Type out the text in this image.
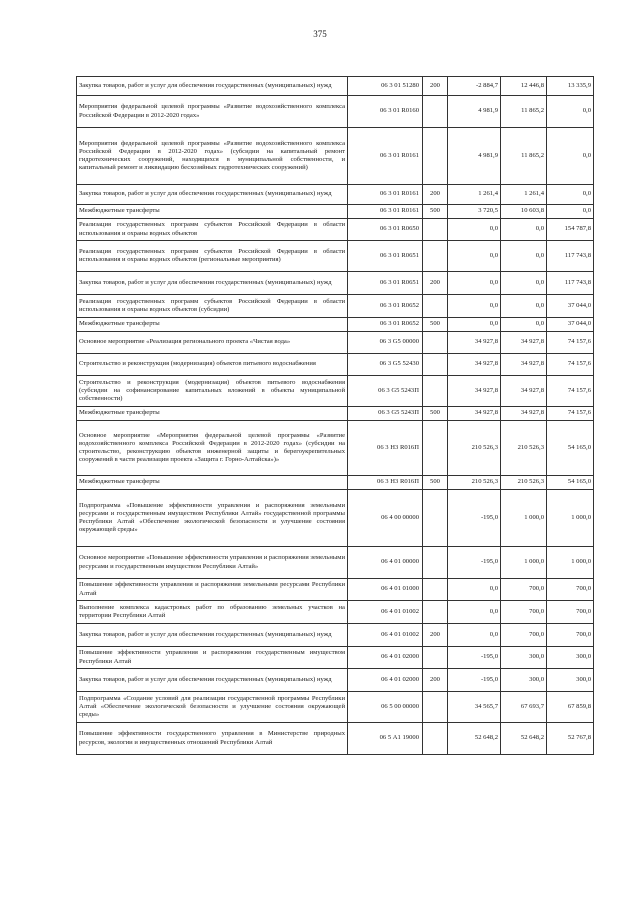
375
Закупка товаров, работ и услуг для обеспечения государственных (муниципальных) нужд	06 3 01 51280	200	-2 884,7	12 446,8	13 335,9
Мероприятия федеральной целевой программы «Развитие водохозяйственного комплекса Российской Федерации в 2012-2020 годах»	06 3 01 R0160		4 981,9	11 865,2	0,0
Мероприятия федеральной целевой программы «Развитие водохозяйственного комплекса Российской Федерации в 2012-2020 годах» (субсидии на капитальный ремонт гидротехнических сооружений, находящихся в муниципальной собственности, и капитальный ремонт и ликвидацию бесхозяйных гидротехнических сооружений)	06 3 01 R0161		4 981,9	11 865,2	0,0
Закупка товаров, работ и услуг для обеспечения государственных (муниципальных) нужд	06 3 01 R0161	200	1 261,4	1 261,4	0,0
Межбюджетные трансферты	06 3 01 R0161	500	3 720,5	10 603,8	0,0
Реализация государственных программ субъектов Российской Федерации в области использования и охраны водных объектов	06 3 01 R0650		0,0	0,0	154 787,8
Реализация государственных программ субъектов Российской Федерации в области использования и охраны водных объектов (региональные мероприятия)	06 3 01 R0651		0,0	0,0	117 743,8
Закупка товаров, работ и услуг для обеспечения государственных (муниципальных) нужд	06 3 01 R0651	200	0,0	0,0	117 743,8
Реализация государственных программ субъектов Российской Федерации в области использования и охраны водных объектов (субсидии)	06 3 01 R0652		0,0	0,0	37 044,0
Межбюджетные трансферты	06 3 01 R0652	500	0,0	0,0	37 044,0
Основное мероприятие «Реализация регионального проекта «Чистая вода»	06 3 G5 00000		34 927,8	34 927,8	74 157,6
Строительство и реконструкция (модернизация) объектов питьевого водоснабжения	06 3 G5 52430		34 927,8	34 927,8	74 157,6
Строительство и реконструкция (модернизация) объектов питьевого водоснабжения (субсидии на софинансирование капитальных вложений в объекты муниципальной собственности)	06 3 G5 5243П		34 927,8	34 927,8	74 157,6
Межбюджетные трансферты	06 3 G5 5243П	500	34 927,8	34 927,8	74 157,6
Основное мероприятие «Мероприятия федеральной целевой программы «Развитие водохозяйственного комплекса Российской Федерации в 2012-2020 годах» (субсидии на строительство, реконструкцию объектов инженерной защиты и берегоукрепительных сооружений в части реализации проекта «Защита г. Горно-Алтайска»)»	06 3 Н3 R016П		210 526,3	210 526,3	54 165,0
Межбюджетные трансферты	06 3 Н3 R016П	500	210 526,3	210 526,3	54 165,0
Подпрограмма «Повышение эффективности управления и распоряжения земельными ресурсами и государственным имуществом Республики Алтай» государственной программы Республики Алтай «Обеспечение экологической безопасности и улучшение состояния окружающей среды»	06 4 00 00000		-195,0	1 000,0	1 000,0
Основное мероприятие «Повышение эффективности управления и распоряжения земельными ресурсами и государственным имуществом Республики Алтай»	06 4 01 00000		-195,0	1 000,0	1 000,0
Повышение эффективности управления и распоряжения земельными ресурсами Республики Алтай	06 4 01 01000		0,0	700,0	700,0
Выполнение комплекса кадастровых работ по образованию земельных участков на территории Республики Алтай	06 4 01 01002		0,0	700,0	700,0
Закупка товаров, работ и услуг для обеспечения государственных (муниципальных) нужд	06 4 01 01002	200	0,0	700,0	700,0
Повышение эффективности управления и распоряжения государственным имуществом Республики Алтай	06 4 01 02000		-195,0	300,0	300,0
Закупка товаров, работ и услуг для обеспечения государственных (муниципальных) нужд	06 4 01 02000	200	-195,0	300,0	300,0
Подпрограмма «Создание условий для реализации государственной программы Республики Алтай «Обеспечение экологической безопасности и улучшение состояния окружающей среды»	06 5 00 00000		34 565,7	67 693,7	67 859,8
Повышение эффективности государственного управления в Министерстве природных ресурсов, экологии и имущественных отношений Республики Алтай	06 5 А1 19000		52 648,2	52 648,2	52 767,8
